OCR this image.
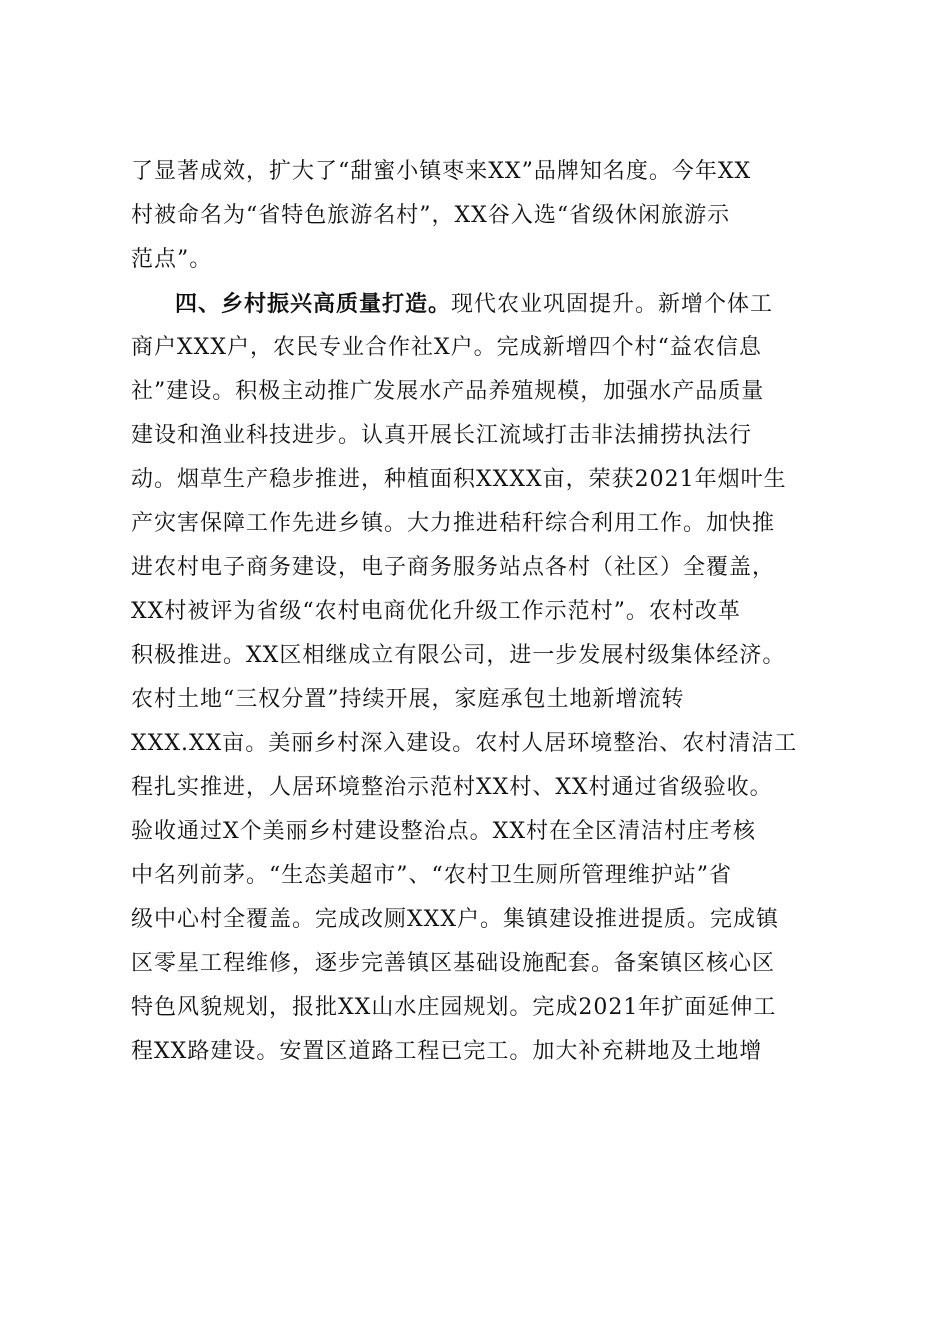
了显著成效，扩大了“甜蜜小镇枣来XX”品牌知名度。今年XX
村被命名为“省特色旅游名村”，XX谷入选“省级休闲旅游示
范点”。
四、乡村振兴高质量打造。现代农业巩固提升。新增个体工
商户XXX户，农民专业合作社X户。完成新增四个村“益农信息
社”建设。积极主动推广发展水产品养殖规模，加强水产品质量
建设和渔业科技进步。认真开展长江流域打击非法捕捞执法行
动。烟草生产稳步推进，种植面积XXXX亩，荣获2021年烟叶生
产灾害保障工作先进乡镇。大力推进秸秆综合利用工作。加快推
进农村电子商务建设，电子商务服务站点各村（社区）全覆盖，
XX村被评为省级“农村电商优化升级工作示范村”。农村改革
积极推进。XX区相继成立有限公司，进一步发展村级集体经济。
农村土地“三权分置”持续开展，家庭承包土地新增流转
XXX.XX亩。美丽乡村深入建设。农村人居环境整治、农村清洁工
程扎实推进，人居环境整治示范村XX村、XX村通过省级验收。
验收通过X个美丽乡村建设整治点。XX村在全区清洁村庄考核
中名列前茅。“生态美超市”、“农村卫生厕所管理维护站”省
级中心村全覆盖。完成改厕XXX户。集镇建设推进提质。完成镇
区零星工程维修，逐步完善镇区基础设施配套。备案镇区核心区
特色风貌规划，报批XX山水庄园规划。完成2021年扩面延伸工
程XX路建设。安置区道路工程已完工。加大补充耕地及土地增
